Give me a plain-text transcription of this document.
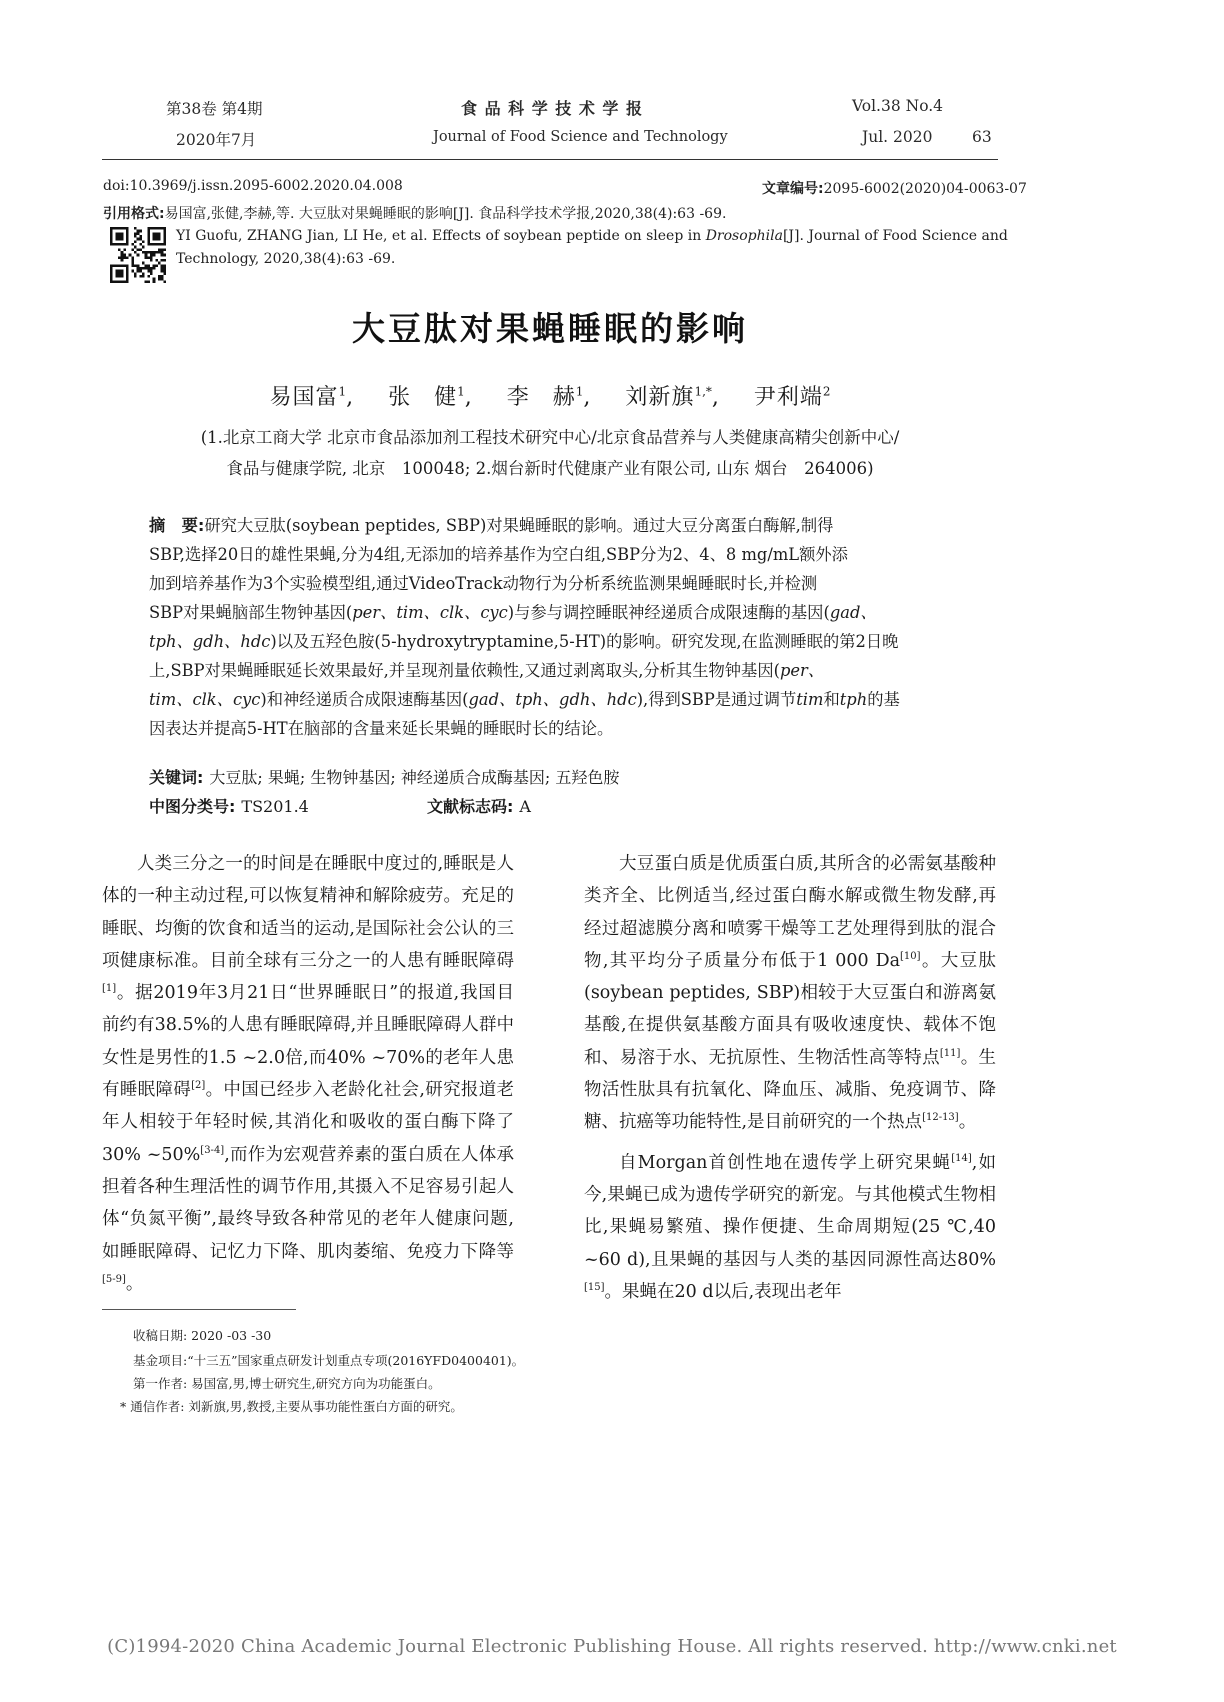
第38卷 第4期
2020年7月
食 品 科 学 技 术 学 报
Journal of Food Science and Technology
Vol.38 No.4
Jul. 2020	63
doi:10.3969/j.issn.2095-6002.2020.04.008	文章编号:2095-6002(2020)04-0063-07
引用格式:易国富,张健,李赫,等. 大豆肽对果蝇睡眠的影响[J]. 食品科学技术学报,2020,38(4):63 -69.
YI Guofu, ZHANG Jian, LI He, et al. Effects of soybean peptide on sleep in Drosophila[J]. Journal of Food Science and
Technology, 2020,38(4):63 -69.
大豆肽对果蝇睡眠的影响
易国富$^1$, 张　健$^1$, 李　赫$^1$, 刘新旗$^{1,*}$, 尹利端$^2$
(1.北京工商大学 北京市食品添加剂工程技术研究中心/北京食品营养与人类健康高精尖创新中心/
食品与健康学院, 北京　100048; 2.烟台新时代健康产业有限公司, 山东 烟台　264006)
摘　要:研究大豆肽(soybean peptides, SBP)对果蝇睡眠的影响。通过大豆分离蛋白酶解,制得
SBP,选择20日的雄性果蝇,分为4组,无添加的培养基作为空白组,SBP分为2、4、8 mg/mL额外添
加到培养基作为3个实验模型组,通过VideoTrack动物行为分析系统监测果蝇睡眠时长,并检测
SBP对果蝇脑部生物钟基因(per、tim、clk、cyc)与参与调控睡眠神经递质合成限速酶的基因(gad、
tph、gdh、hdc)以及五羟色胺(5-hydroxytryptamine,5-HT)的影响。研究发现,在监测睡眠的第2日晚
上,SBP对果蝇睡眠延长效果最好,并呈现剂量依赖性,又通过剥离取头,分析其生物钟基因(per、
tim、clk、cyc)和神经递质合成限速酶基因(gad、tph、gdh、hdc),得到SBP是通过调节tim和tph的基
因表达并提高5-HT在脑部的含量来延长果蝇的睡眠时长的结论。
关键词: 大豆肽; 果蝇; 生物钟基因; 神经递质合成酶基因; 五羟色胺
中图分类号: TS201.4	文献标志码: A

人类三分之一的时间是在睡眠中度过的,睡眠是人体的一种主动过程,可以恢复精神和解除疲劳。充足的睡眠、均衡的饮食和适当的运动,是国际社会公认的三项健康标准。目前全球有三分之一的人患有睡眠障碍[1]。据2019年3月21日“世界睡眠日”的报道,我国目前约有38.5%的人患有睡眠障碍,并且睡眠障碍人群中女性是男性的1.5 ~2.0倍,而40% ~70%的老年人患有睡眠障碍[2]。中国已经步入老龄化社会,研究报道老年人相较于年轻时候,其消化和吸收的蛋白酶下降了30% ~50%[3-4],而作为宏观营养素的蛋白质在人体承担着各种生理活性的调节作用,其摄入不足容易引起人体“负氮平衡”,最终导致各种常见的老年人健康问题,如睡眠障碍、记忆力下降、肌肉萎缩、免疫力下降等[5-9]。

大豆蛋白质是优质蛋白质,其所含的必需氨基酸种类齐全、比例适当,经过蛋白酶水解或微生物发酵,再经过超滤膜分离和喷雾干燥等工艺处理得到肽的混合物,其平均分子质量分布低于1 000 Da[10]。大豆肽(soybean peptides, SBP)相较于大豆蛋白和游离氨基酸,在提供氨基酸方面具有吸收速度快、载体不饱和、易溶于水、无抗原性、生物活性高等特点[11]。生物活性肽具有抗氧化、降血压、减脂、免疫调节、降糖、抗癌等功能特性,是目前研究的一个热点[12-13]。

自Morgan首创性地在遗传学上研究果蝇[14],如今,果蝇已成为遗传学研究的新宠。与其他模式生物相比,果蝇易繁殖、操作便捷、生命周期短(25 ℃,40 ~60 d),且果蝇的基因与人类的基因同源性高达80%[15]。果蝇在20 d以后,表现出老年

收稿日期: 2020 -03 -30
基金项目:“十三五”国家重点研发计划重点专项(2016YFD0400401)。
第一作者: 易国富,男,博士研究生,研究方向为功能蛋白。
* 通信作者: 刘新旗,男,教授,主要从事功能性蛋白方面的研究。
(C)1994-2020 China Academic Journal Electronic Publishing House. All rights reserved. http://www.cnki.net
